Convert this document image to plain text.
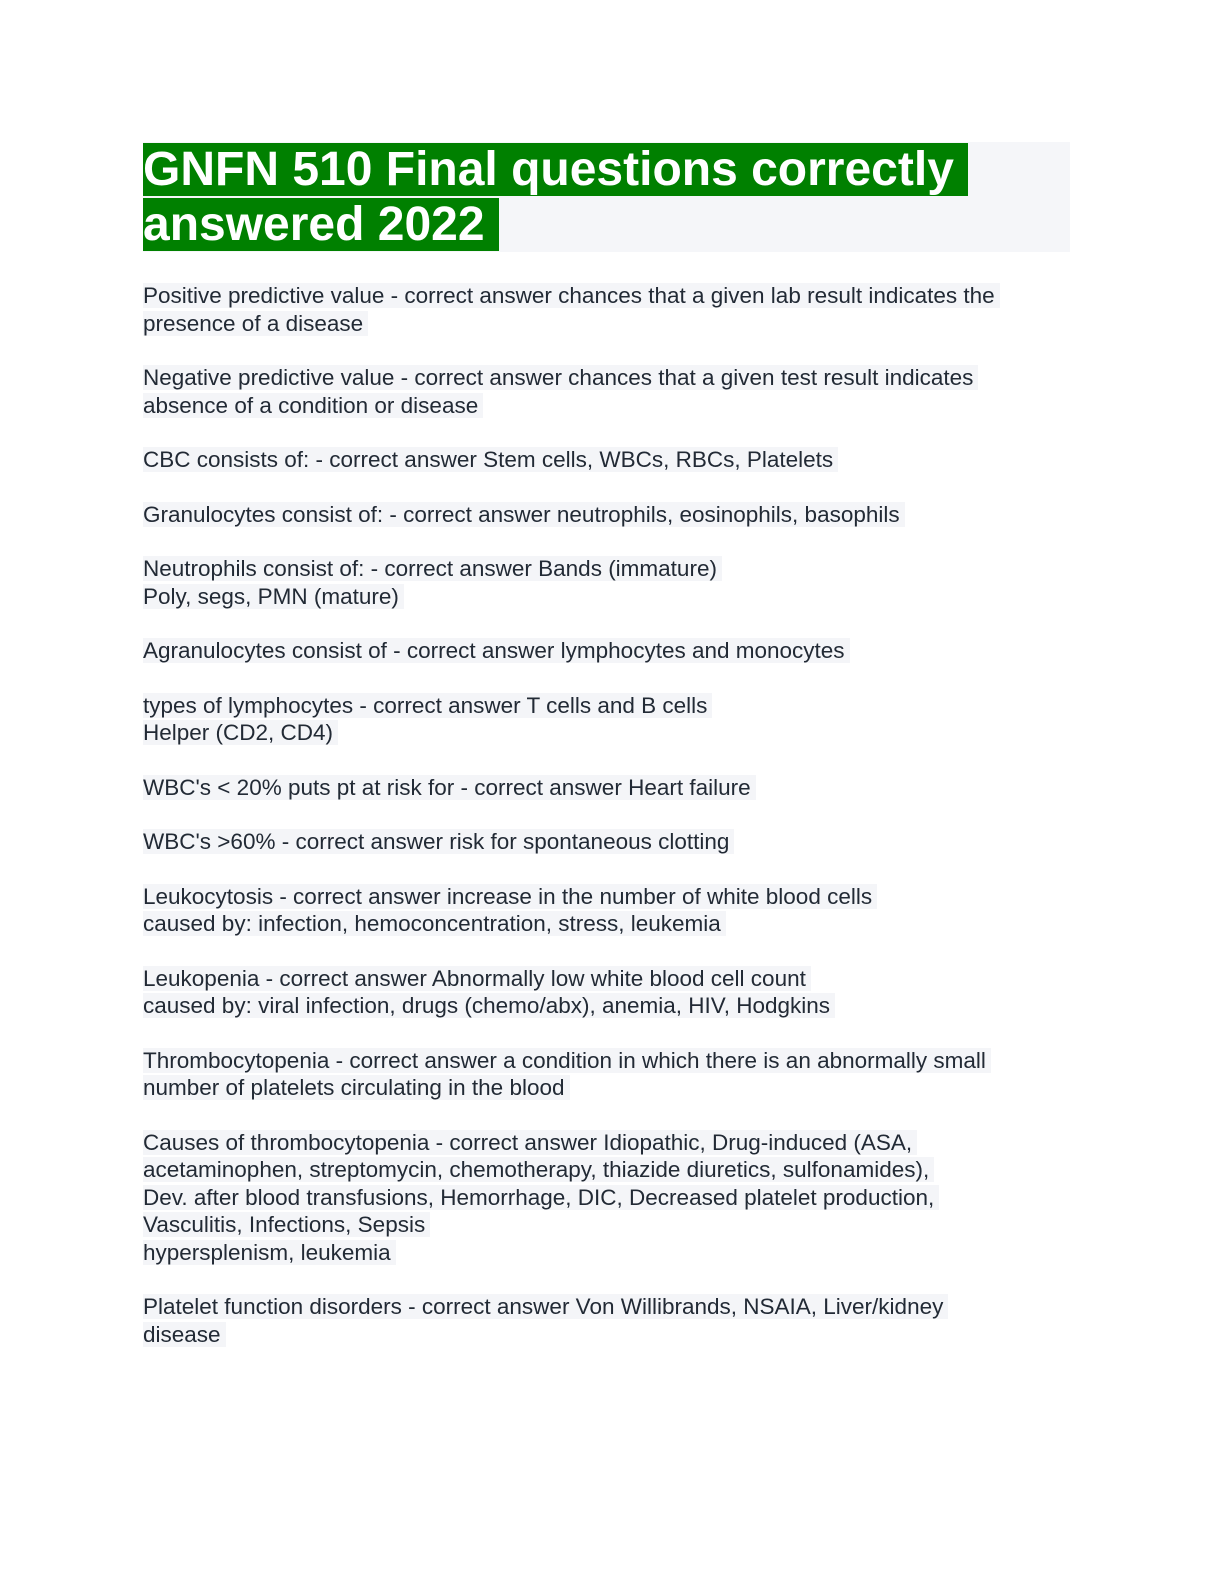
GNFN 510 Final questions correctly
answered 2022
Positive predictive value - correct answer chances that a given lab result indicates the
presence of a disease
Negative predictive value - correct answer chances that a given test result indicates
absence of a condition or disease
CBC consists of: - correct answer Stem cells, WBCs, RBCs, Platelets
Granulocytes consist of: - correct answer neutrophils, eosinophils, basophils
Neutrophils consist of: - correct answer Bands (immature)
Poly, segs, PMN (mature)
Agranulocytes consist of - correct answer lymphocytes and monocytes
types of lymphocytes - correct answer T cells and B cells
Helper (CD2, CD4)
WBC's < 20% puts pt at risk for - correct answer Heart failure
WBC's >60% - correct answer risk for spontaneous clotting
Leukocytosis - correct answer increase in the number of white blood cells
caused by: infection, hemoconcentration, stress, leukemia
Leukopenia - correct answer Abnormally low white blood cell count
caused by: viral infection, drugs (chemo/abx), anemia, HIV, Hodgkins
Thrombocytopenia - correct answer a condition in which there is an abnormally small
number of platelets circulating in the blood
Causes of thrombocytopenia - correct answer Idiopathic, Drug-induced (ASA,
acetaminophen, streptomycin, chemotherapy, thiazide diuretics, sulfonamides),
Dev. after blood transfusions, Hemorrhage, DIC, Decreased platelet production,
Vasculitis, Infections, Sepsis
hypersplenism, leukemia
Platelet function disorders - correct answer Von Willibrands, NSAIA, Liver/kidney
disease
